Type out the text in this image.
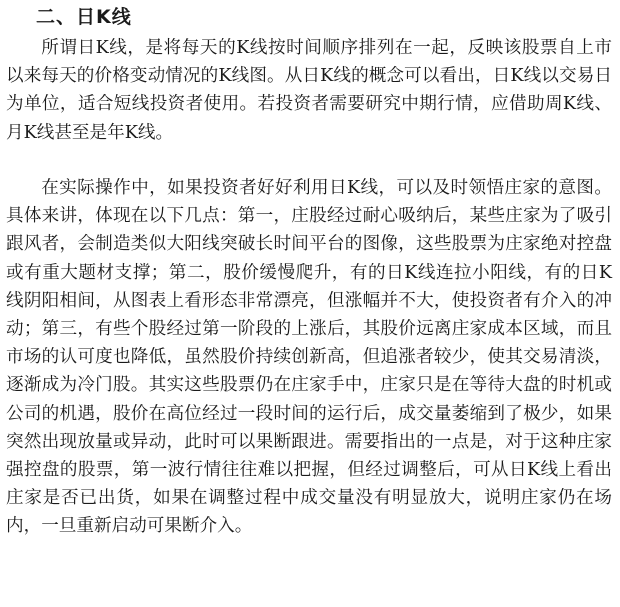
二、日K线

所谓日K线，是将每天的K线按时间顺序排列在一起，反映该股票自上市以来每天的价格变动情况的K线图。从日K线的概念可以看出，日K线以交易日为单位，适合短线投资者使用。若投资者需要研究中期行情，应借助周K线、月K线甚至是年K线。

在实际操作中，如果投资者好好利用日K线，可以及时领悟庄家的意图。具体来讲，体现在以下几点：第一，庄股经过耐心吸纳后，某些庄家为了吸引跟风者，会制造类似大阳线突破长时间平台的图像，这些股票为庄家绝对控盘或有重大题材支撑；第二，股价缓慢爬升，有的日K线连拉小阳线，有的日K线阴阳相间，从图表上看形态非常漂亮，但涨幅并不大，使投资者有介入的冲动；第三，有些个股经过第一阶段的上涨后，其股价远离庄家成本区域，而且市场的认可度也降低，虽然股价持续创新高，但追涨者较少，使其交易清淡，逐渐成为冷门股。其实这些股票仍在庄家手中，庄家只是在等待大盘的时机或公司的机遇，股价在高位经过一段时间的运行后，成交量萎缩到了极少，如果突然出现放量或异动，此时可以果断跟进。需要指出的一点是，对于这种庄家强控盘的股票，第一波行情往往难以把握，但经过调整后，可从日K线上看出庄家是否已出货，如果在调整过程中成交量没有明显放大，说明庄家仍在场内，一旦重新启动可果断介入。
